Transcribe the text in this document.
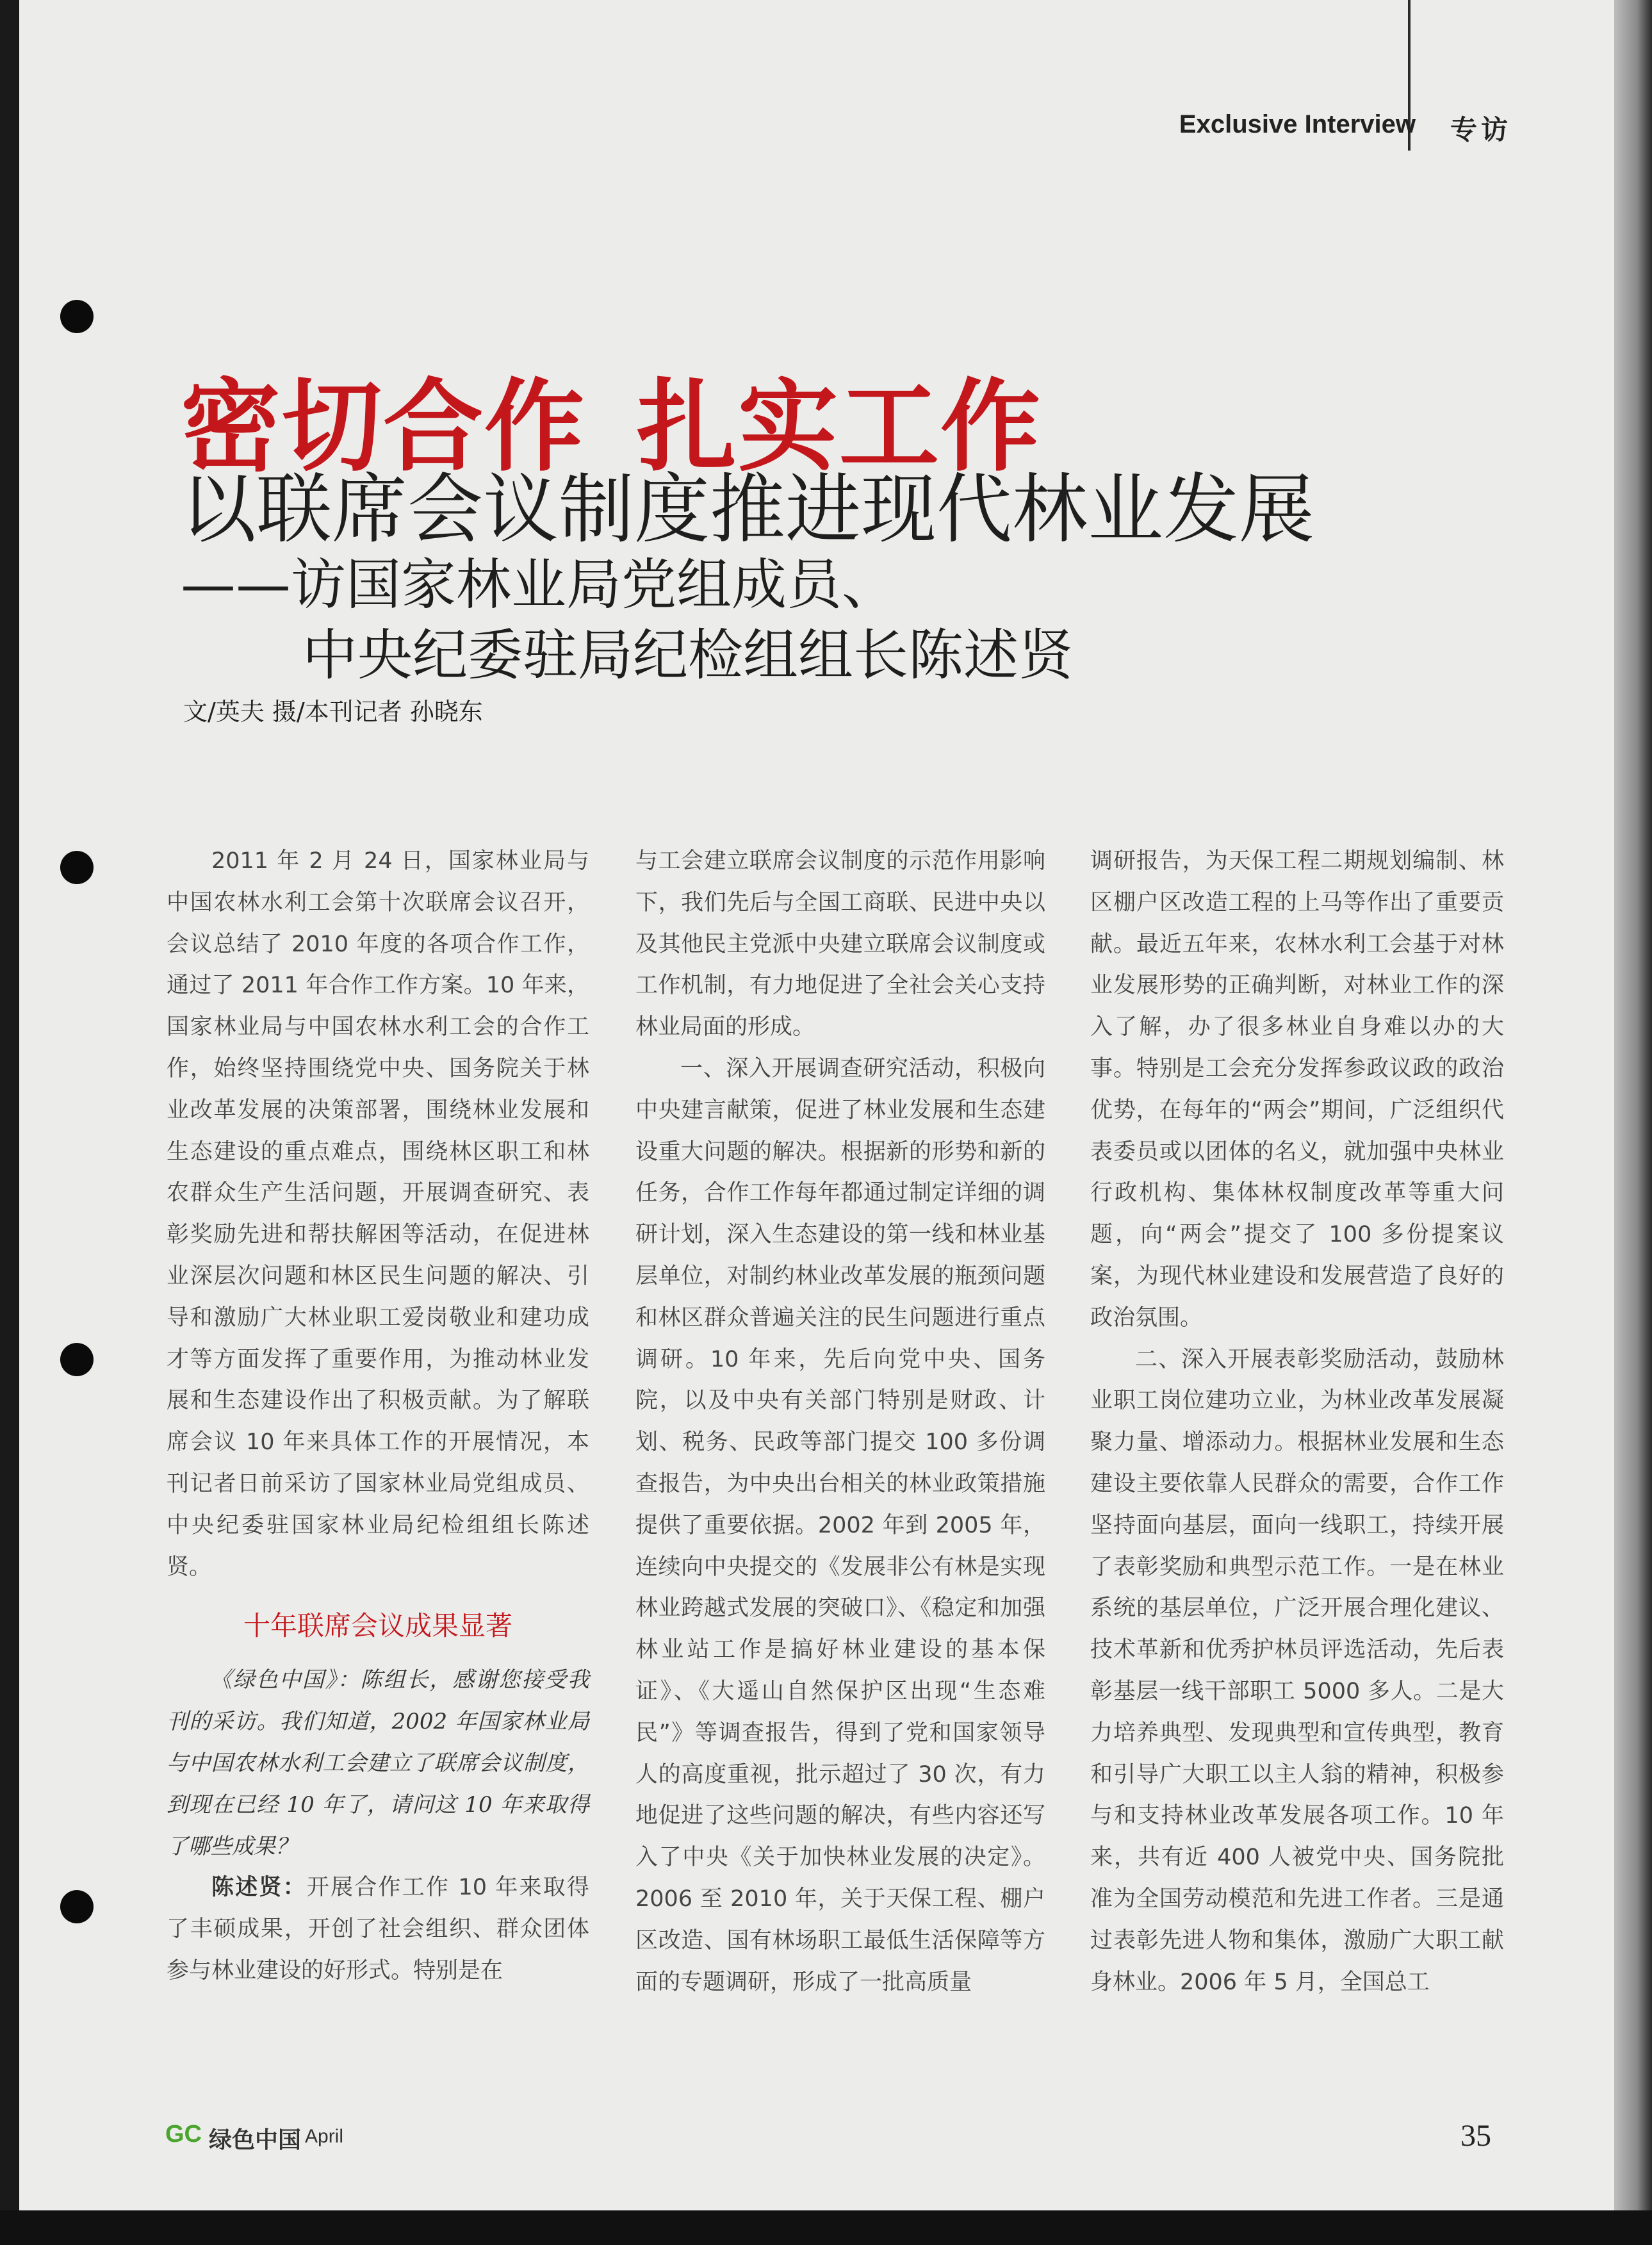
Exclusive Interview 专访
密切合作 扎实工作
以联席会议制度推进现代林业发展
——访国家林业局党组成员、
中央纪委驻局纪检组组长陈述贤
文/英夫 摄/本刊记者 孙晓东

2011 年 2 月 24 日，国家林业局与中国农林水利工会第十次联席会议召开，会议总结了 2010 年度的各项合作工作，通过了 2011 年合作工作方案。10 年来，国家林业局与中国农林水利工会的合作工作，始终坚持围绕党中央、国务院关于林业改革发展的决策部署，围绕林业发展和生态建设的重点难点，围绕林区职工和林农群众生产生活问题，开展调查研究、表彰奖励先进和帮扶解困等活动，在促进林业深层次问题和林区民生问题的解决、引导和激励广大林业职工爱岗敬业和建功成才等方面发挥了重要作用，为推动林业发展和生态建设作出了积极贡献。为了解联席会议 10 年来具体工作的开展情况，本刊记者日前采访了国家林业局党组成员、中央纪委驻国家林业局纪检组组长陈述贤。

十年联席会议成果显著

《绿色中国》：陈组长，感谢您接受我刊的采访。我们知道，2002 年国家林业局与中国农林水利工会建立了联席会议制度，到现在已经 10 年了，请问这 10 年来取得了哪些成果？

陈述贤：开展合作工作 10 年来取得了丰硕成果，开创了社会组织、群众团体参与林业建设的好形式。特别是在

与工会建立联席会议制度的示范作用影响下，我们先后与全国工商联、民进中央以及其他民主党派中央建立联席会议制度或工作机制，有力地促进了全社会关心支持林业局面的形成。

一、深入开展调查研究活动，积极向中央建言献策，促进了林业发展和生态建设重大问题的解决。根据新的形势和新的任务，合作工作每年都通过制定详细的调研计划，深入生态建设的第一线和林业基层单位，对制约林业改革发展的瓶颈问题和林区群众普遍关注的民生问题进行重点调研。10 年来，先后向党中央、国务院，以及中央有关部门特别是财政、计划、税务、民政等部门提交 100 多份调查报告，为中央出台相关的林业政策措施提供了重要依据。2002 年到 2005 年，连续向中央提交的《发展非公有林是实现林业跨越式发展的突破口》、《稳定和加强林业站工作是搞好林业建设的基本保证》、《大遥山自然保护区出现“生态难民”》等调查报告，得到了党和国家领导人的高度重视，批示超过了 30 次，有力地促进了这些问题的解决，有些内容还写入了中央《关于加快林业发展的决定》。2006 至 2010 年，关于天保工程、棚户区改造、国有林场职工最低生活保障等方面的专题调研，形成了一批高质量

调研报告，为天保工程二期规划编制、林区棚户区改造工程的上马等作出了重要贡献。最近五年来，农林水利工会基于对林业发展形势的正确判断，对林业工作的深入了解，办了很多林业自身难以办的大事。特别是工会充分发挥参政议政的政治优势，在每年的“两会”期间，广泛组织代表委员或以团体的名义，就加强中央林业行政机构、集体林权制度改革等重大问题，向“两会”提交了 100 多份提案议案，为现代林业建设和发展营造了良好的政治氛围。

二、深入开展表彰奖励活动，鼓励林业职工岗位建功立业，为林业改革发展凝聚力量、增添动力。根据林业发展和生态建设主要依靠人民群众的需要，合作工作坚持面向基层，面向一线职工，持续开展了表彰奖励和典型示范工作。一是在林业系统的基层单位，广泛开展合理化建议、技术革新和优秀护林员评选活动，先后表彰基层一线干部职工 5000 多人。二是大力培养典型、发现典型和宣传典型，教育和引导广大职工以主人翁的精神，积极参与和支持林业改革发展各项工作。10 年来，共有近 400 人被党中央、国务院批准为全国劳动模范和先进工作者。三是通过表彰先进人物和集体，激励广大职工献身林业。2006 年 5 月，全国总工

GC 绿色中国 April	35
